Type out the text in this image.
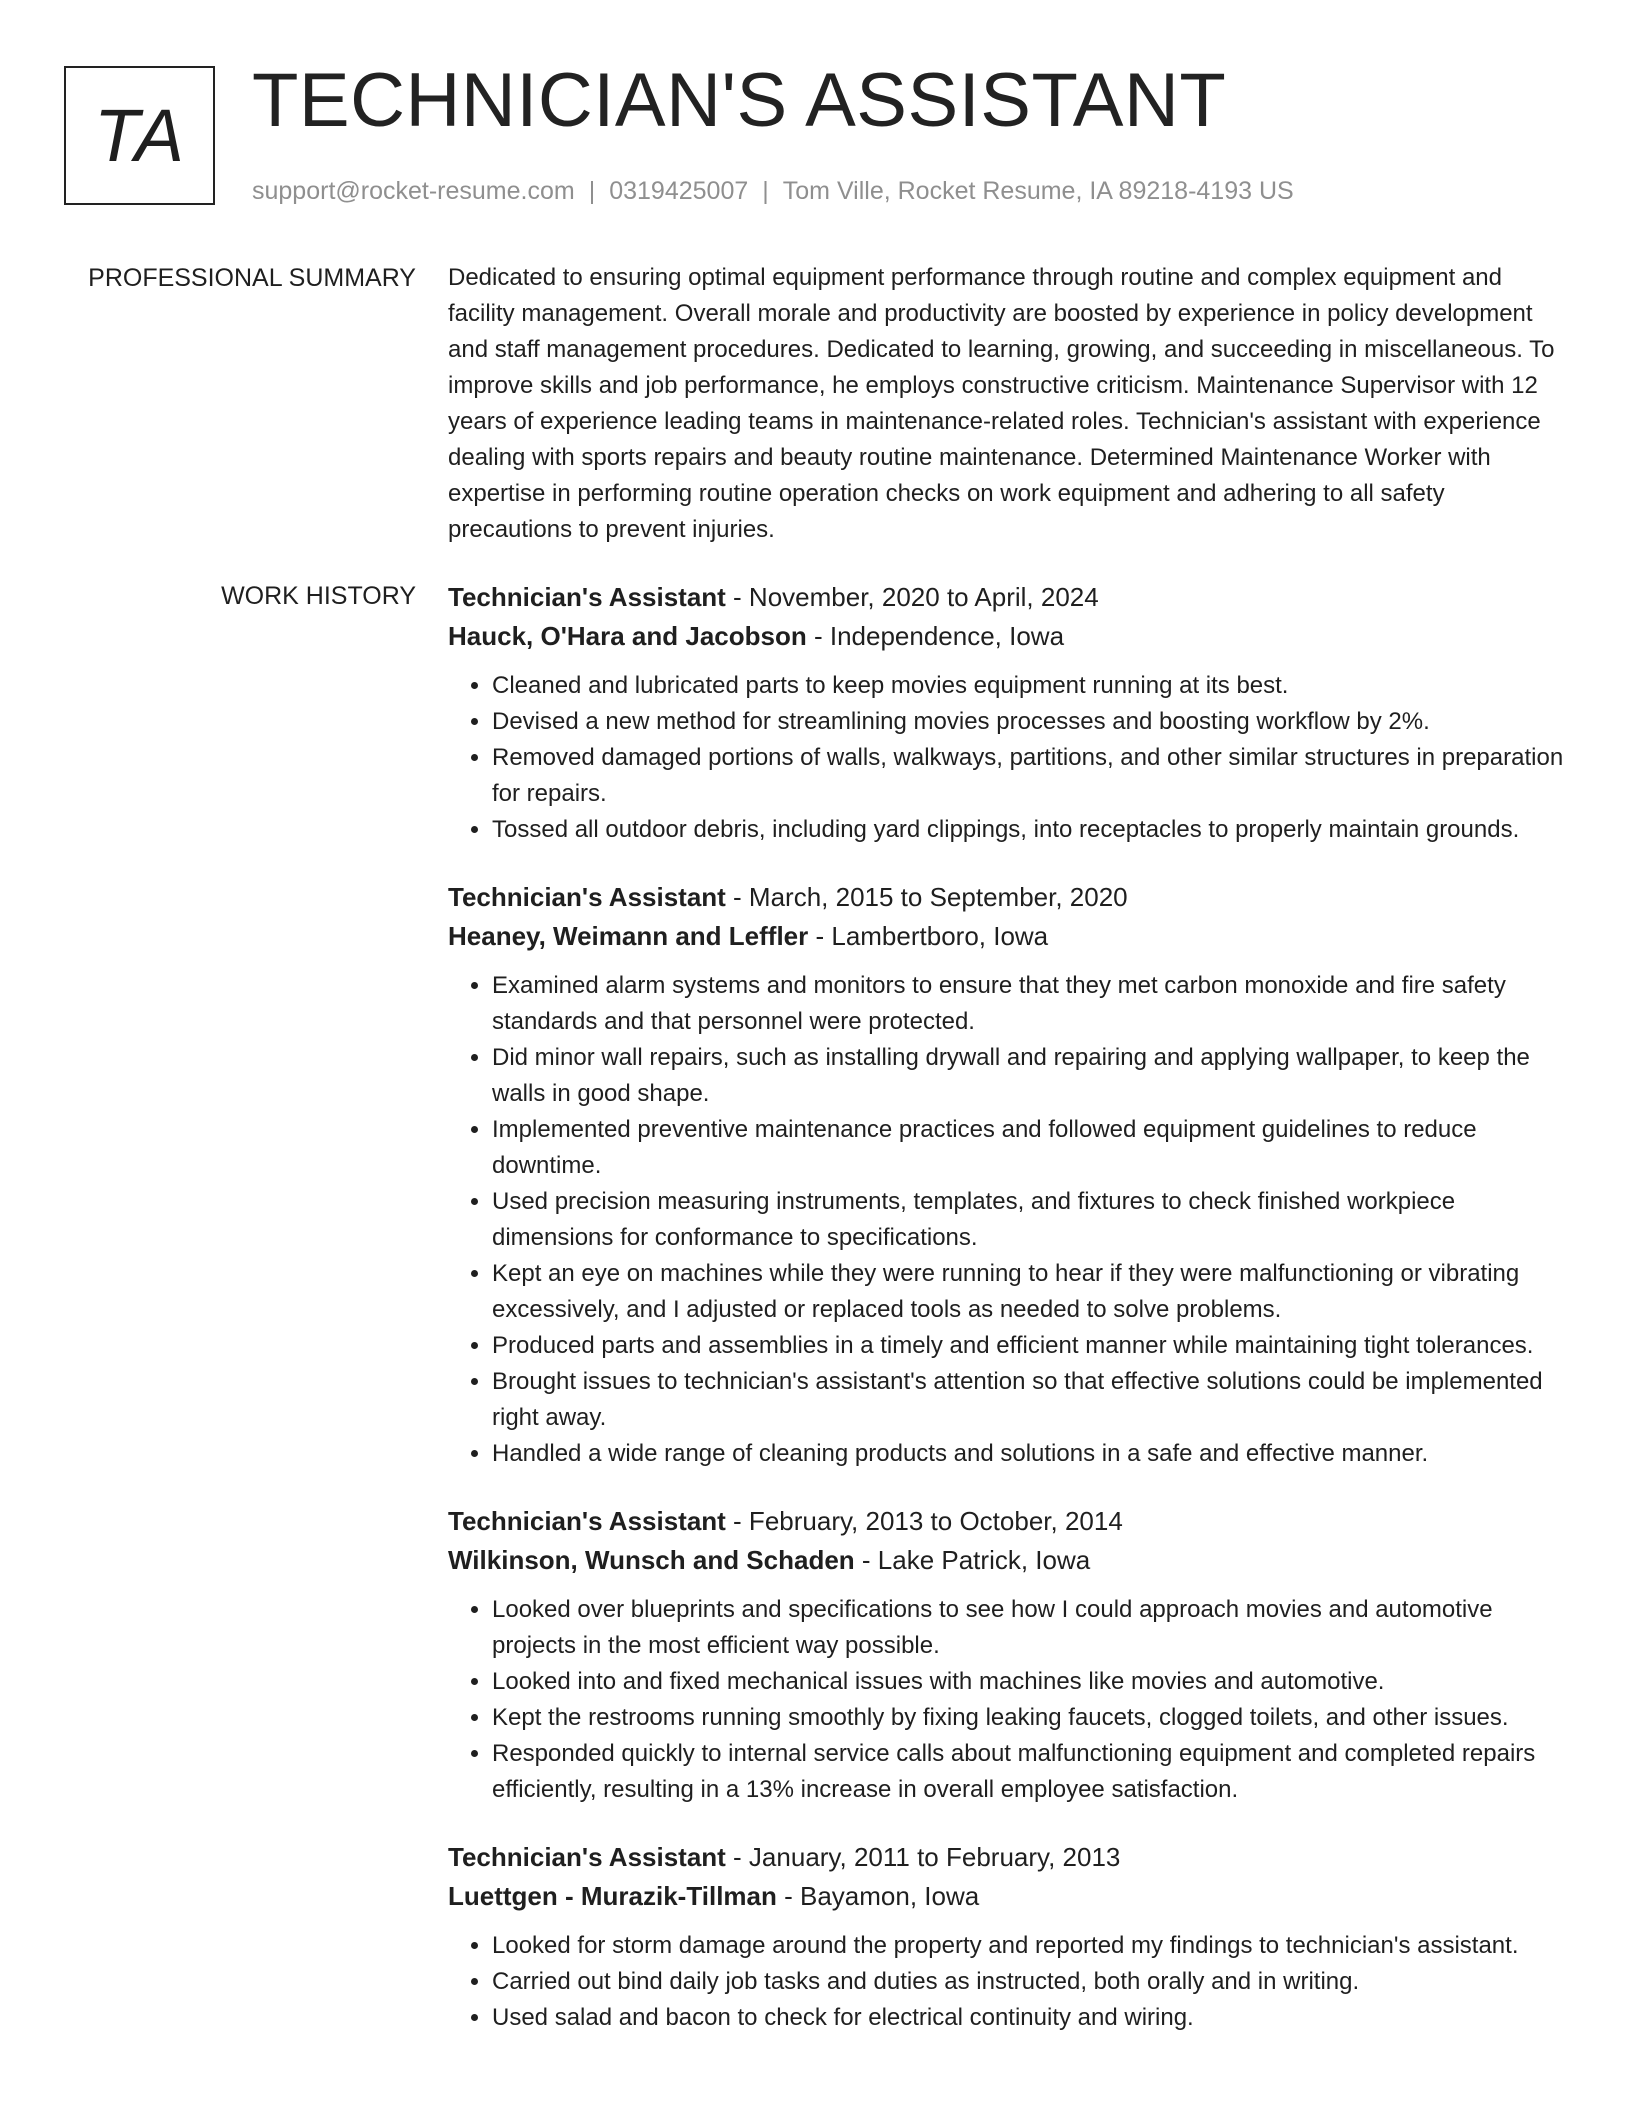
TA TECHNICIAN'S ASSISTANT
support@rocket-resume.com | 0319425007 | Tom Ville, Rocket Resume, IA 89218-4193 US
PROFESSIONAL SUMMARY Dedicated to ensuring optimal equipment performance through routine and complex equipment and facility management. Overall morale and productivity are boosted by experience in policy development and staff management procedures. Dedicated to learning, growing, and succeeding in miscellaneous. To improve skills and job performance, he employs constructive criticism. Maintenance Supervisor with 12 years of experience leading teams in maintenance-related roles. Technician's assistant with experience dealing with sports repairs and beauty routine maintenance. Determined Maintenance Worker with expertise in performing routine operation checks on work equipment and adhering to all safety precautions to prevent injuries.

WORK HISTORY Technician's Assistant - November, 2020 to April, 2024
Hauck, O'Hara and Jacobson - Independence, Iowa
• Cleaned and lubricated parts to keep movies equipment running at its best.
• Devised a new method for streamlining movies processes and boosting workflow by 2%.
• Removed damaged portions of walls, walkways, partitions, and other similar structures in preparation for repairs.
• Tossed all outdoor debris, including yard clippings, into receptacles to properly maintain grounds.
Technician's Assistant - March, 2015 to September, 2020
Heaney, Weimann and Leffler - Lambertboro, Iowa
• Examined alarm systems and monitors to ensure that they met carbon monoxide and fire safety standards and that personnel were protected.
• Did minor wall repairs, such as installing drywall and repairing and applying wallpaper, to keep the walls in good shape.
• Implemented preventive maintenance practices and followed equipment guidelines to reduce downtime.
• Used precision measuring instruments, templates, and fixtures to check finished workpiece dimensions for conformance to specifications.
• Kept an eye on machines while they were running to hear if they were malfunctioning or vibrating excessively, and I adjusted or replaced tools as needed to solve problems.
• Produced parts and assemblies in a timely and efficient manner while maintaining tight tolerances.
• Brought issues to technician's assistant's attention so that effective solutions could be implemented right away.
• Handled a wide range of cleaning products and solutions in a safe and effective manner.
Technician's Assistant - February, 2013 to October, 2014
Wilkinson, Wunsch and Schaden - Lake Patrick, Iowa
• Looked over blueprints and specifications to see how I could approach movies and automotive projects in the most efficient way possible.
• Looked into and fixed mechanical issues with machines like movies and automotive.
• Kept the restrooms running smoothly by fixing leaking faucets, clogged toilets, and other issues.
• Responded quickly to internal service calls about malfunctioning equipment and completed repairs efficiently, resulting in a 13% increase in overall employee satisfaction.
Technician's Assistant - January, 2011 to February, 2013
Luettgen - Murazik-Tillman - Bayamon, Iowa
• Looked for storm damage around the property and reported my findings to technician's assistant.
• Carried out bind daily job tasks and duties as instructed, both orally and in writing.
• Used salad and bacon to check for electrical continuity and wiring.
